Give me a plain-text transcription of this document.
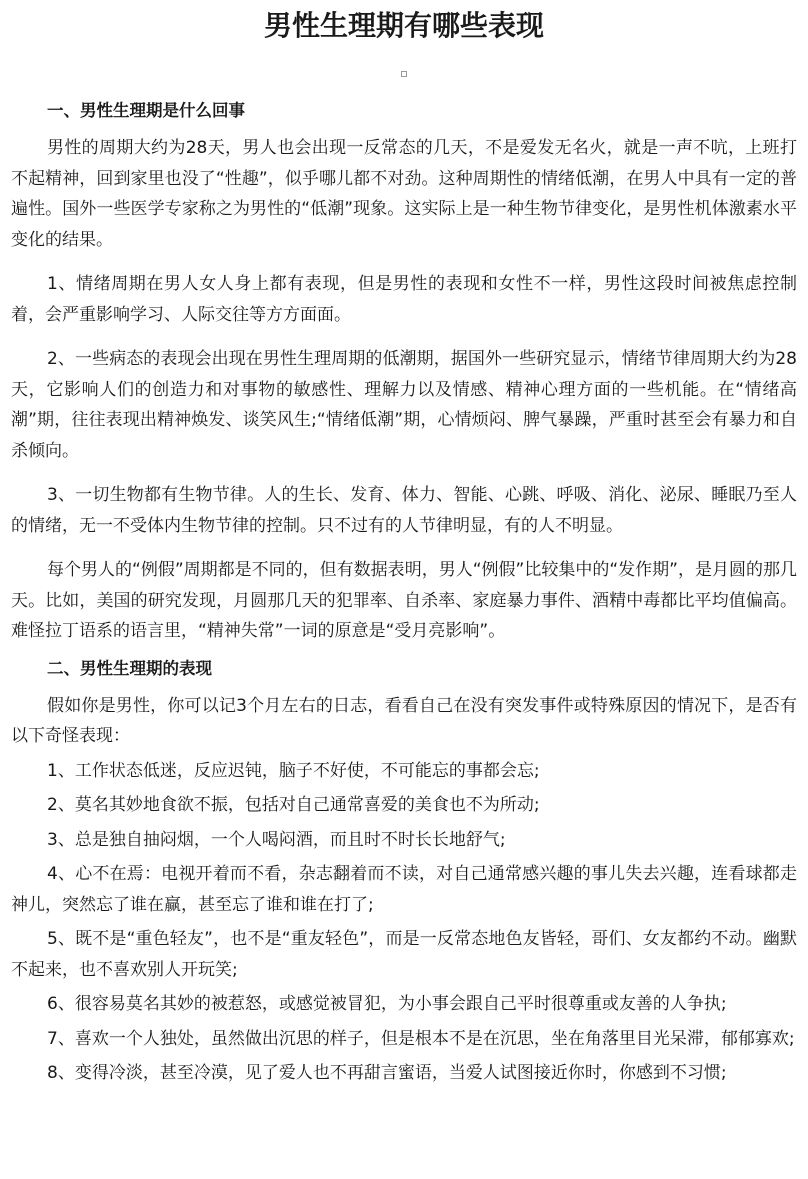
男性生理期有哪些表现
一、男性生理期是什么回事

男性的周期大约为28天，男人也会出现一反常态的几天，不是爱发无名火，就是一声不吭，上班打不起精神，回到家里也没了“性趣”，似乎哪儿都不对劲。这种周期性的情绪低潮，在男人中具有一定的普遍性。国外一些医学专家称之为男性的“低潮”现象。这实际上是一种生物节律变化，是男性机体激素水平变化的结果。

1、情绪周期在男人女人身上都有表现，但是男性的表现和女性不一样，男性这段时间被焦虑控制着，会严重影响学习、人际交往等方方面面。

2、一些病态的表现会出现在男性生理周期的低潮期，据国外一些研究显示，情绪节律周期大约为28天，它影响人们的创造力和对事物的敏感性、理解力以及情感、精神心理方面的一些机能。在“情绪高潮”期，往往表现出精神焕发、谈笑风生;“情绪低潮”期，心情烦闷、脾气暴躁，严重时甚至会有暴力和自杀倾向。

3、一切生物都有生物节律。人的生长、发育、体力、智能、心跳、呼吸、消化、泌尿、睡眠乃至人的情绪，无一不受体内生物节律的控制。只不过有的人节律明显，有的人不明显。

每个男人的“例假”周期都是不同的，但有数据表明，男人“例假”比较集中的“发作期”，是月圆的那几天。比如，美国的研究发现，月圆那几天的犯罪率、自杀率、家庭暴力事件、酒精中毒都比平均值偏高。难怪拉丁语系的语言里，“精神失常”一词的原意是“受月亮影响”。

二、男性生理期的表现

假如你是男性，你可以记3个月左右的日志，看看自己在没有突发事件或特殊原因的情况下，是否有以下奇怪表现：

1、工作状态低迷，反应迟钝，脑子不好使，不可能忘的事都会忘;

2、莫名其妙地食欲不振，包括对自己通常喜爱的美食也不为所动;

3、总是独自抽闷烟，一个人喝闷酒，而且时不时长长地舒气;

4、心不在焉：电视开着而不看，杂志翻着而不读，对自己通常感兴趣的事儿失去兴趣，连看球都走神儿，突然忘了谁在赢，甚至忘了谁和谁在打了;

5、既不是“重色轻友”，也不是“重友轻色”，而是一反常态地色友皆轻，哥们、女友都约不动。幽默不起来，也不喜欢别人开玩笑;

6、很容易莫名其妙的被惹怒，或感觉被冒犯，为小事会跟自己平时很尊重或友善的人争执;

7、喜欢一个人独处，虽然做出沉思的样子，但是根本不是在沉思，坐在角落里目光呆滞，郁郁寡欢;

8、变得冷淡，甚至冷漠，见了爱人也不再甜言蜜语，当爱人试图接近你时，你感到不习惯;
